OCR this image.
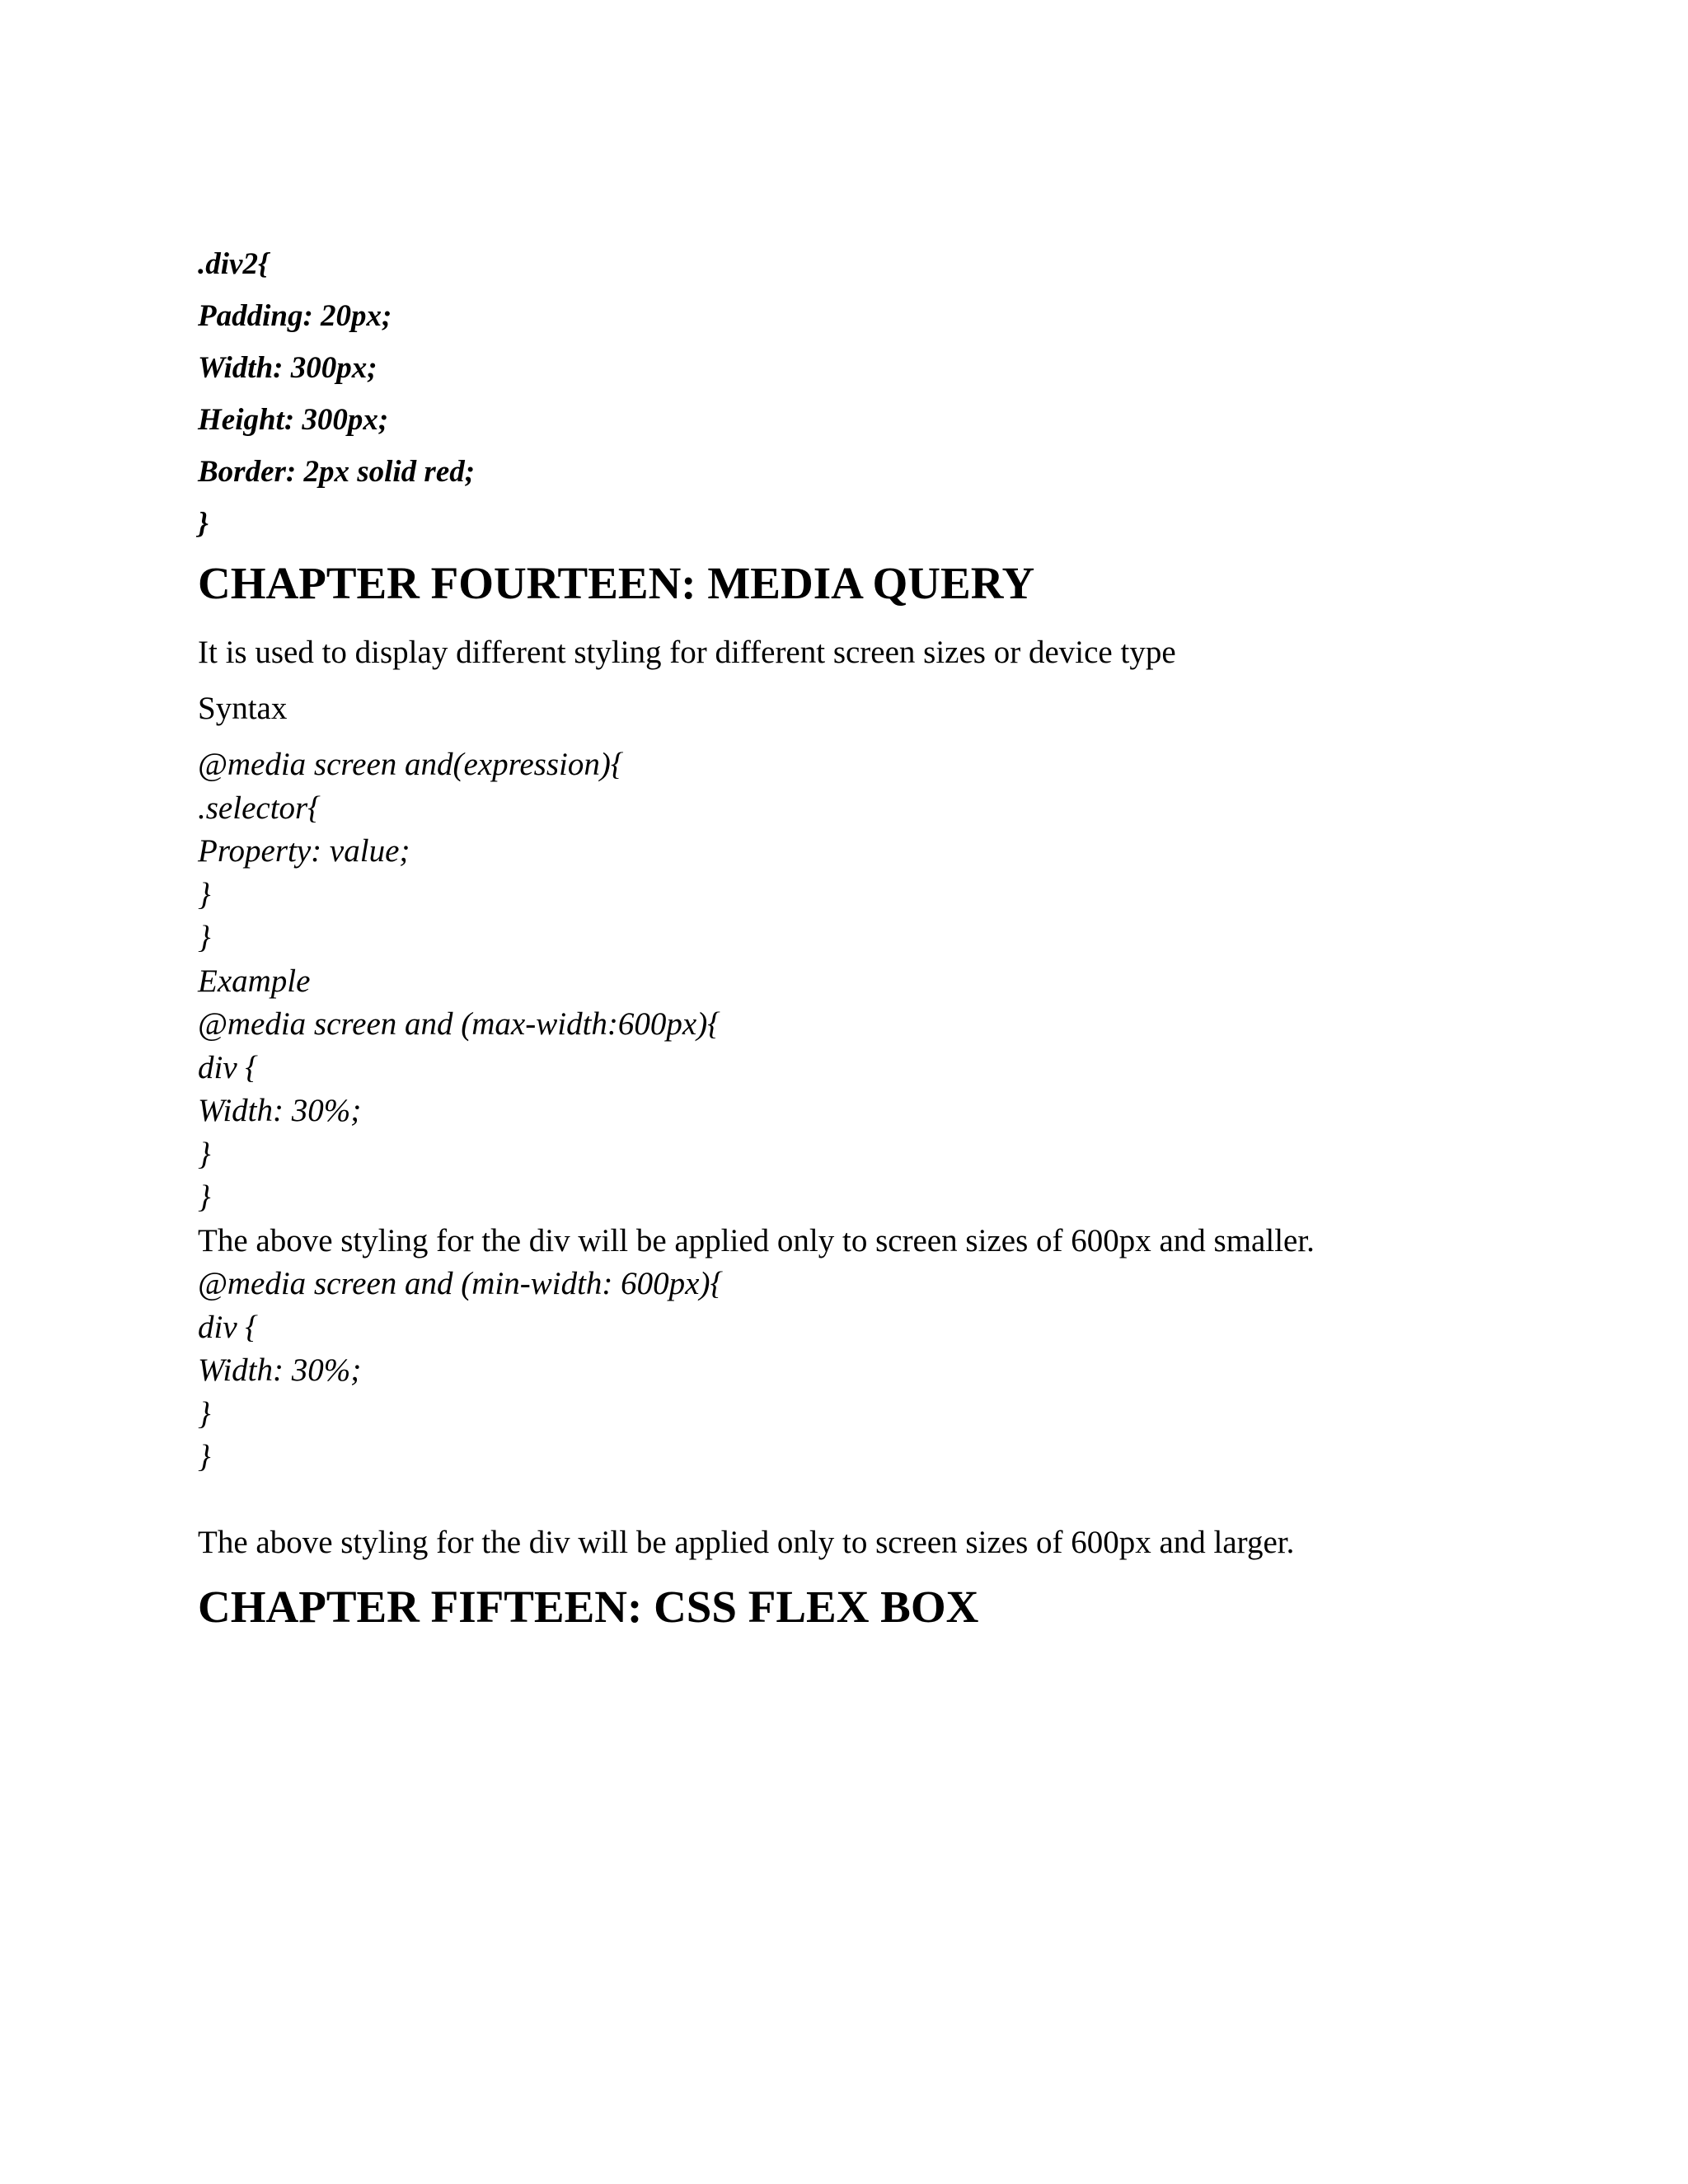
.div2{
Padding: 20px;
Width: 300px;
Height: 300px;
Border: 2px solid red;
}
CHAPTER FOURTEEN: MEDIA QUERY
It is used to display different styling for different screen sizes or device type
Syntax
@media screen and(expression){
.selector{
Property: value;
}
}
Example
@media screen and (max-width:600px){
div {
Width: 30%;
}
}
The above styling for the div will be applied only to screen sizes of 600px and smaller.
@media screen and (min-width: 600px){
div {
Width: 30%;
}
}
The above styling for the div will be applied only to screen sizes of 600px and larger.
CHAPTER FIFTEEN: CSS FLEX BOX
